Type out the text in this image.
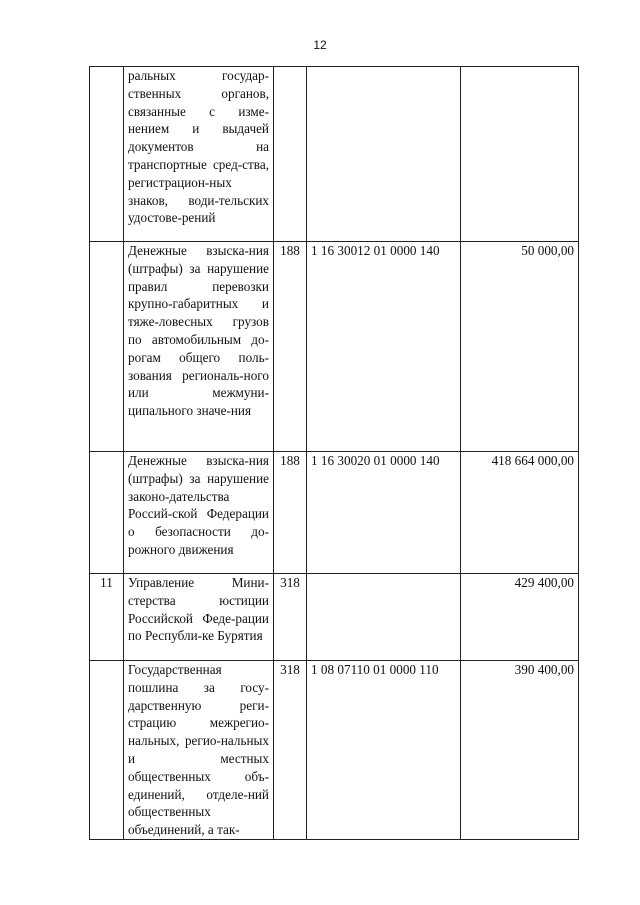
12
	ральных государ-ственных органов, связанные с изме-нением и выдачей документов на транспортные сред-ства, регистрацион-ных знаков, води-тельских удостове-рений			
	Денежные взыска-ния (штрафы) за нарушение правил перевозки крупно-габаритных и тяже-ловесных грузов по автомобильным до-рогам общего поль-зования региональ-ного или межмуни-ципального значе-ния	188	1 16 30012 01 0000 140	50 000,00
	Денежные взыска-ния (штрафы) за нарушение законо-дательства Россий-ской Федерации о безопасности до-рожного движения	188	1 16 30020 01 0000 140	418 664 000,00
11	Управление Мини-стерства юстиции Российской Феде-рации по Республи-ке Бурятия	318		429 400,00
	Государственная пошлина за госу-дарственную реги-страцию межрегио-нальных, регио-нальных и местных общественных объ-единений, отделе-ний общественных объединений, а так-	318	1 08 07110 01 0000 110	390 400,00
